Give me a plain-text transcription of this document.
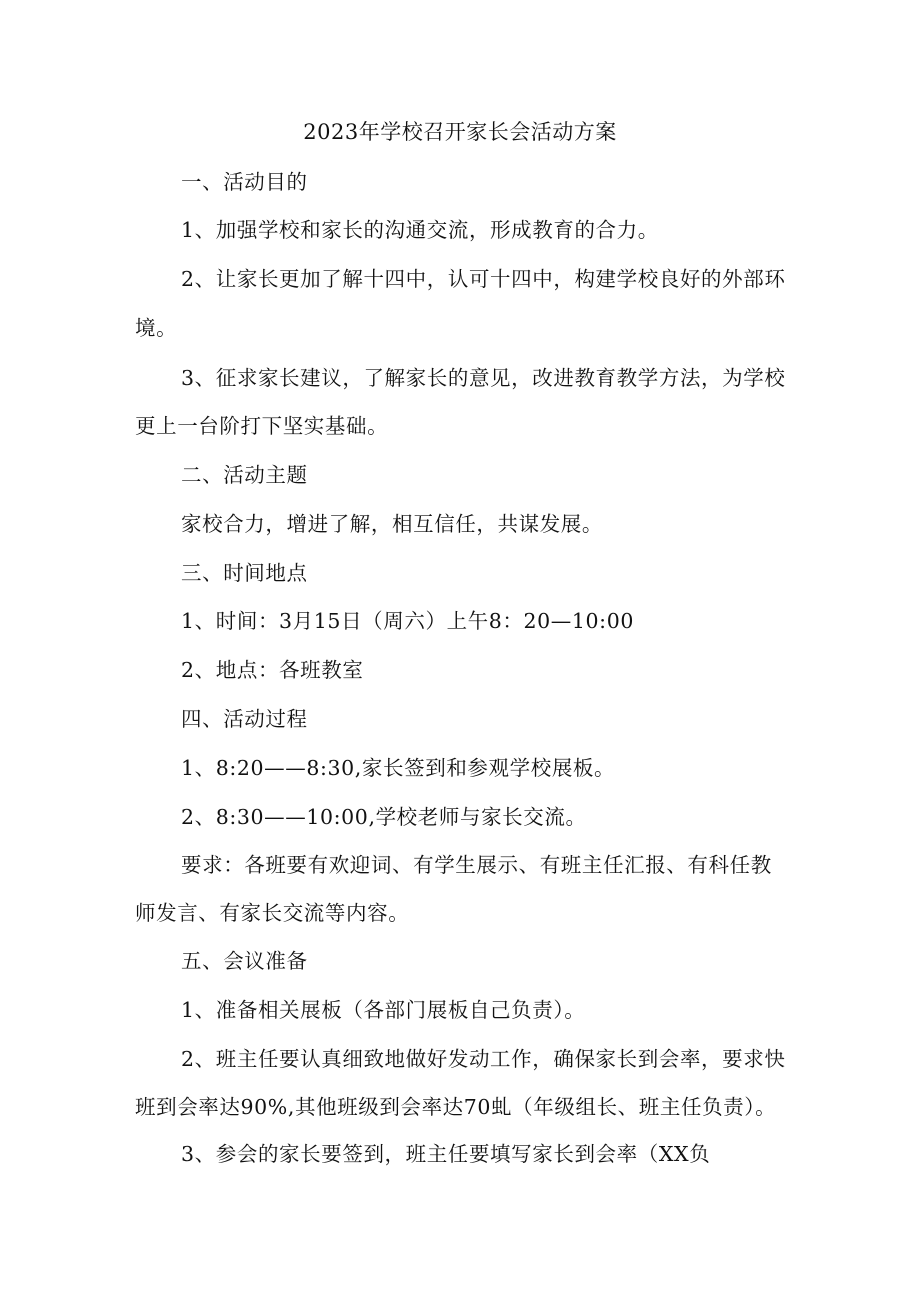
2023年学校召开家长会活动方案
一、活动目的
1、加强学校和家长的沟通交流，形成教育的合力。
2、让家长更加了解十四中，认可十四中，构建学校良好的外部环
境。
3、征求家长建议，了解家长的意见，改进教育教学方法，为学校
更上一台阶打下坚实基础。
二、活动主题
家校合力，增进了解，相互信任，共谋发展。
三、时间地点
1、时间：3月15日（周六）上午8：20—10:00
2、地点：各班教室
四、活动过程
1、8:20——8:30,家长签到和参观学校展板。
2、8:30——10:00,学校老师与家长交流。
要求：各班要有欢迎词、有学生展示、有班主任汇报、有科任教
师发言、有家长交流等内容。
五、会议准备
1、准备相关展板（各部门展板自己负责）。
2、班主任要认真细致地做好发动工作，确保家长到会率，要求快
班到会率达90%,其他班级到会率达70虬（年级组长、班主任负责）。
3、参会的家长要签到，班主任要填写家长到会率（XX负
